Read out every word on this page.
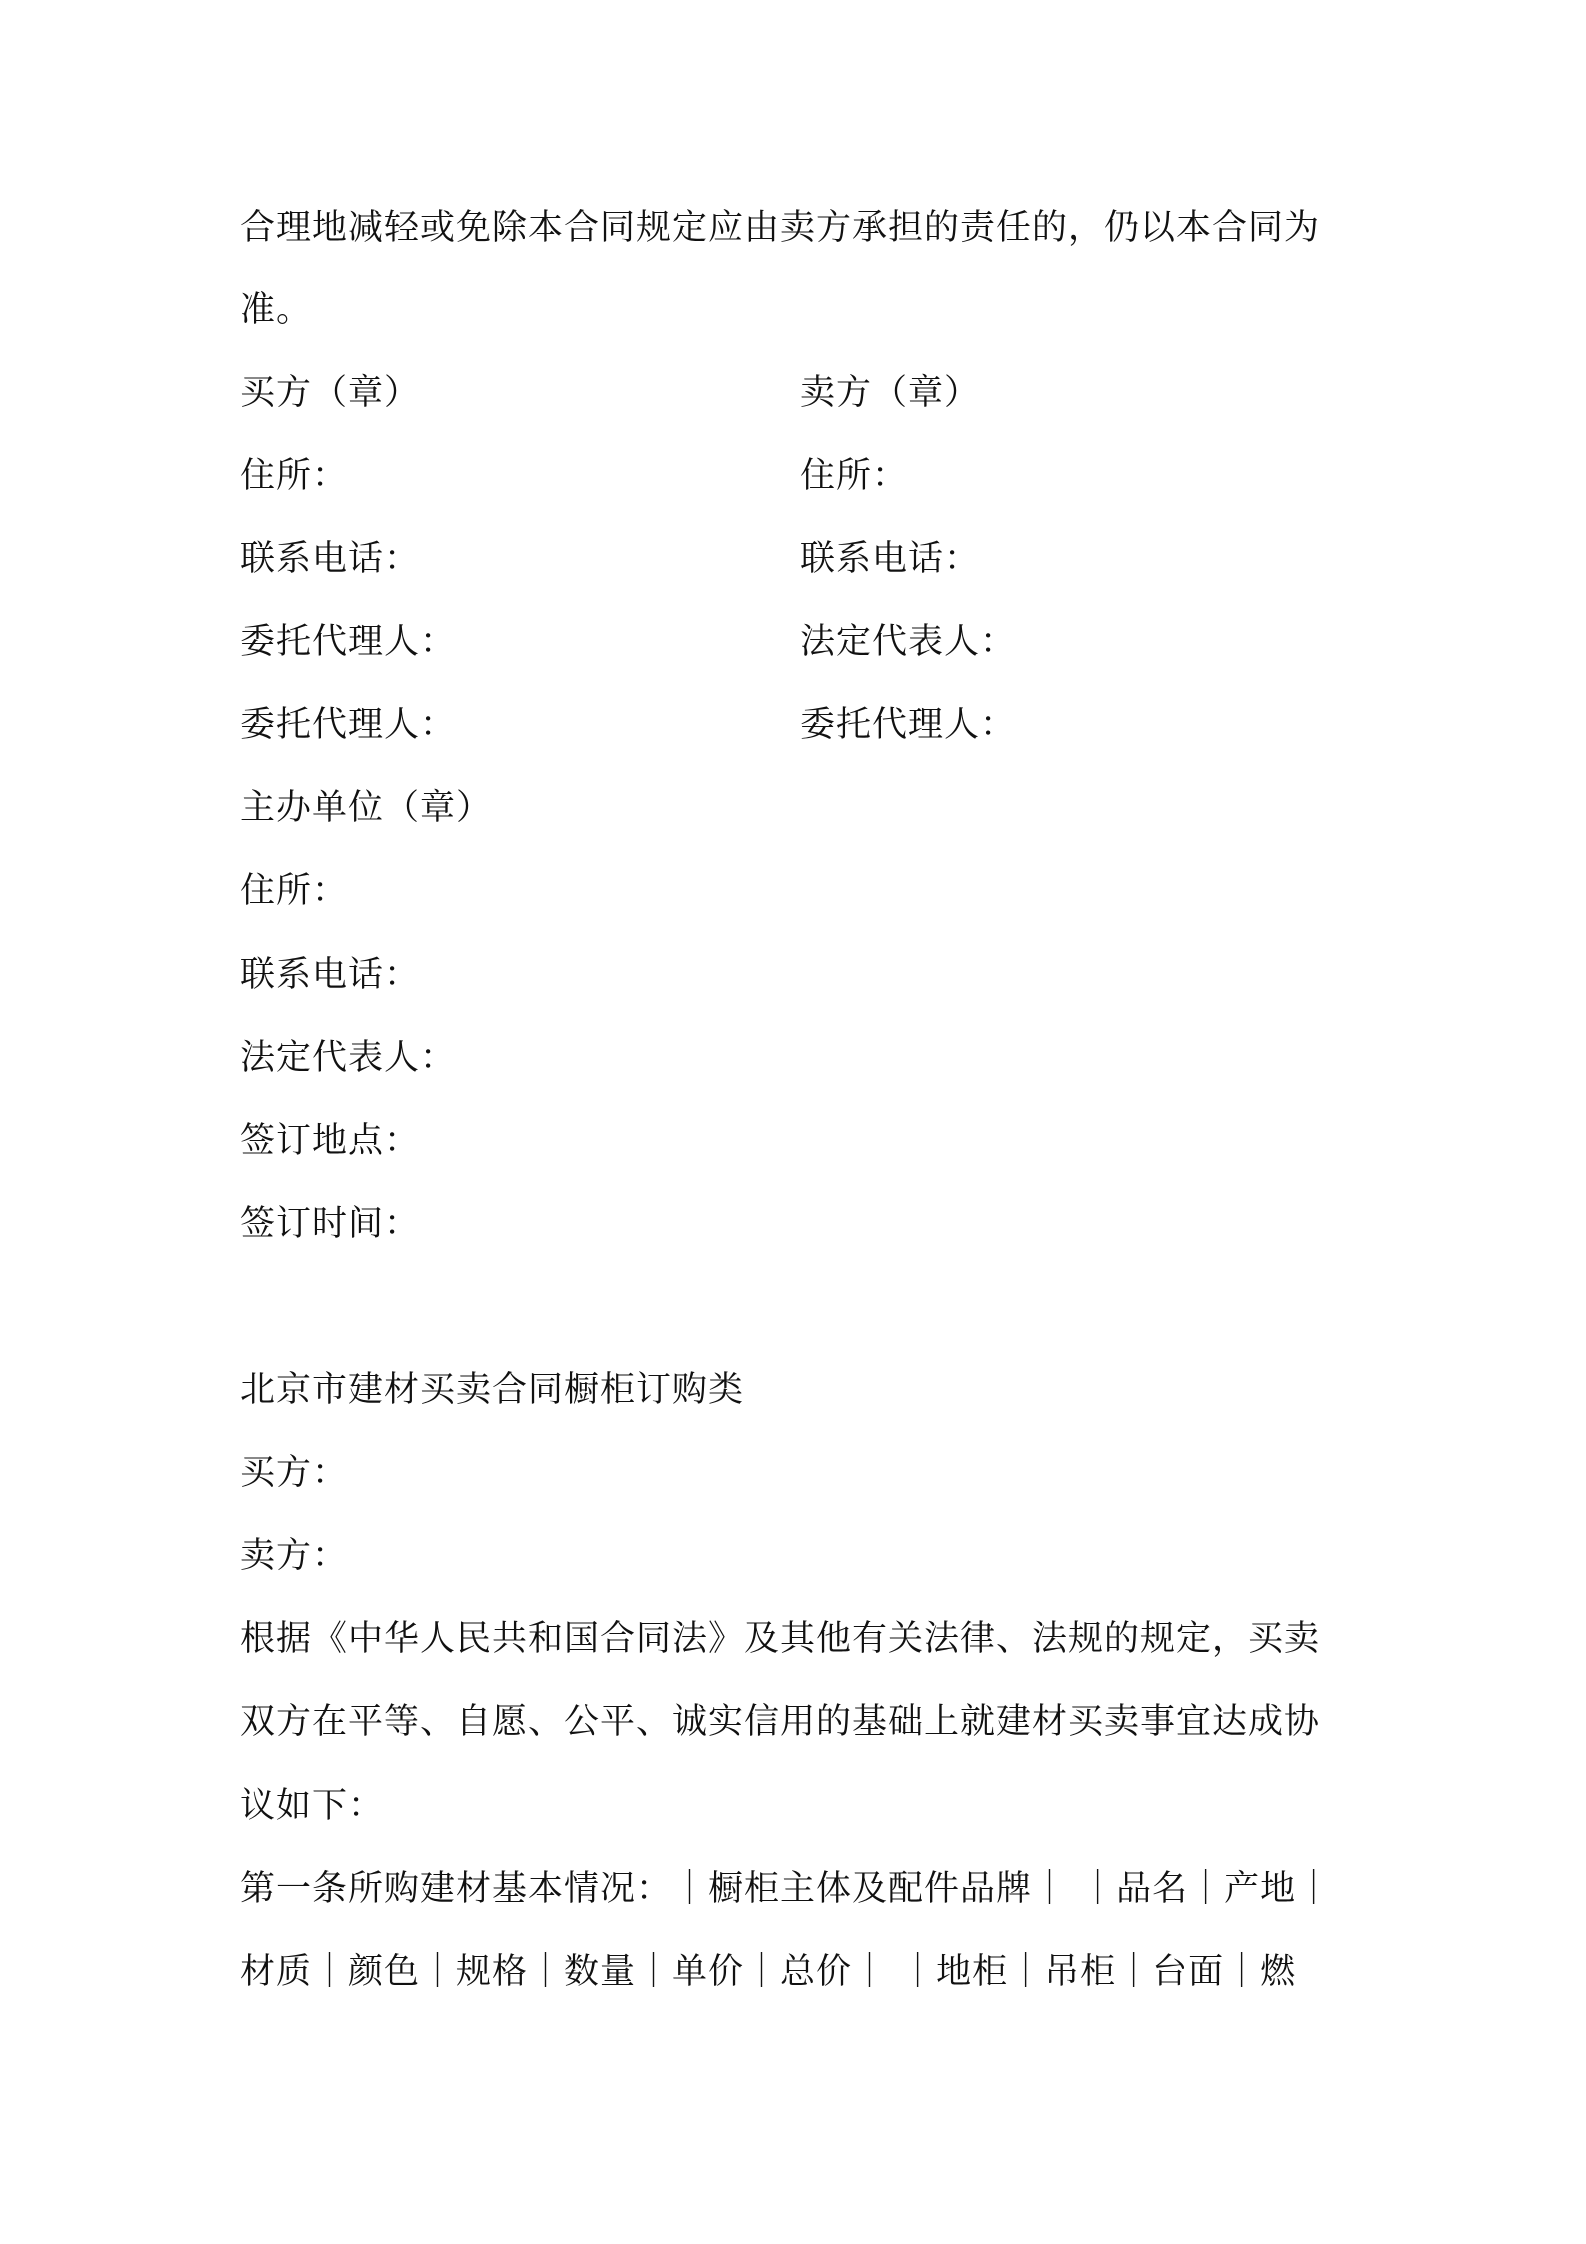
合理地减轻或免除本合同规定应由卖方承担的责任的，仍以本合同为
准。
买方（章）	卖方（章）
住所：	住所：
联系电话：	联系电话：
委托代理人：	法定代表人：
委托代理人：	委托代理人：
主办单位（章）
住所：
联系电话：
法定代表人：
签订地点：
签订时间：
北京市建材买卖合同橱柜订购类
买方：
卖方：
根据《中华人民共和国合同法》及其他有关法律、法规的规定，买卖
双方在平等、自愿、公平、诚实信用的基础上就建材买卖事宜达成协
议如下：
第一条所购建材基本情况：｜橱柜主体及配件品牌｜ ｜品名｜产地｜
材质｜颜色｜规格｜数量｜单价｜总价｜ ｜地柜｜吊柜｜台面｜燃
